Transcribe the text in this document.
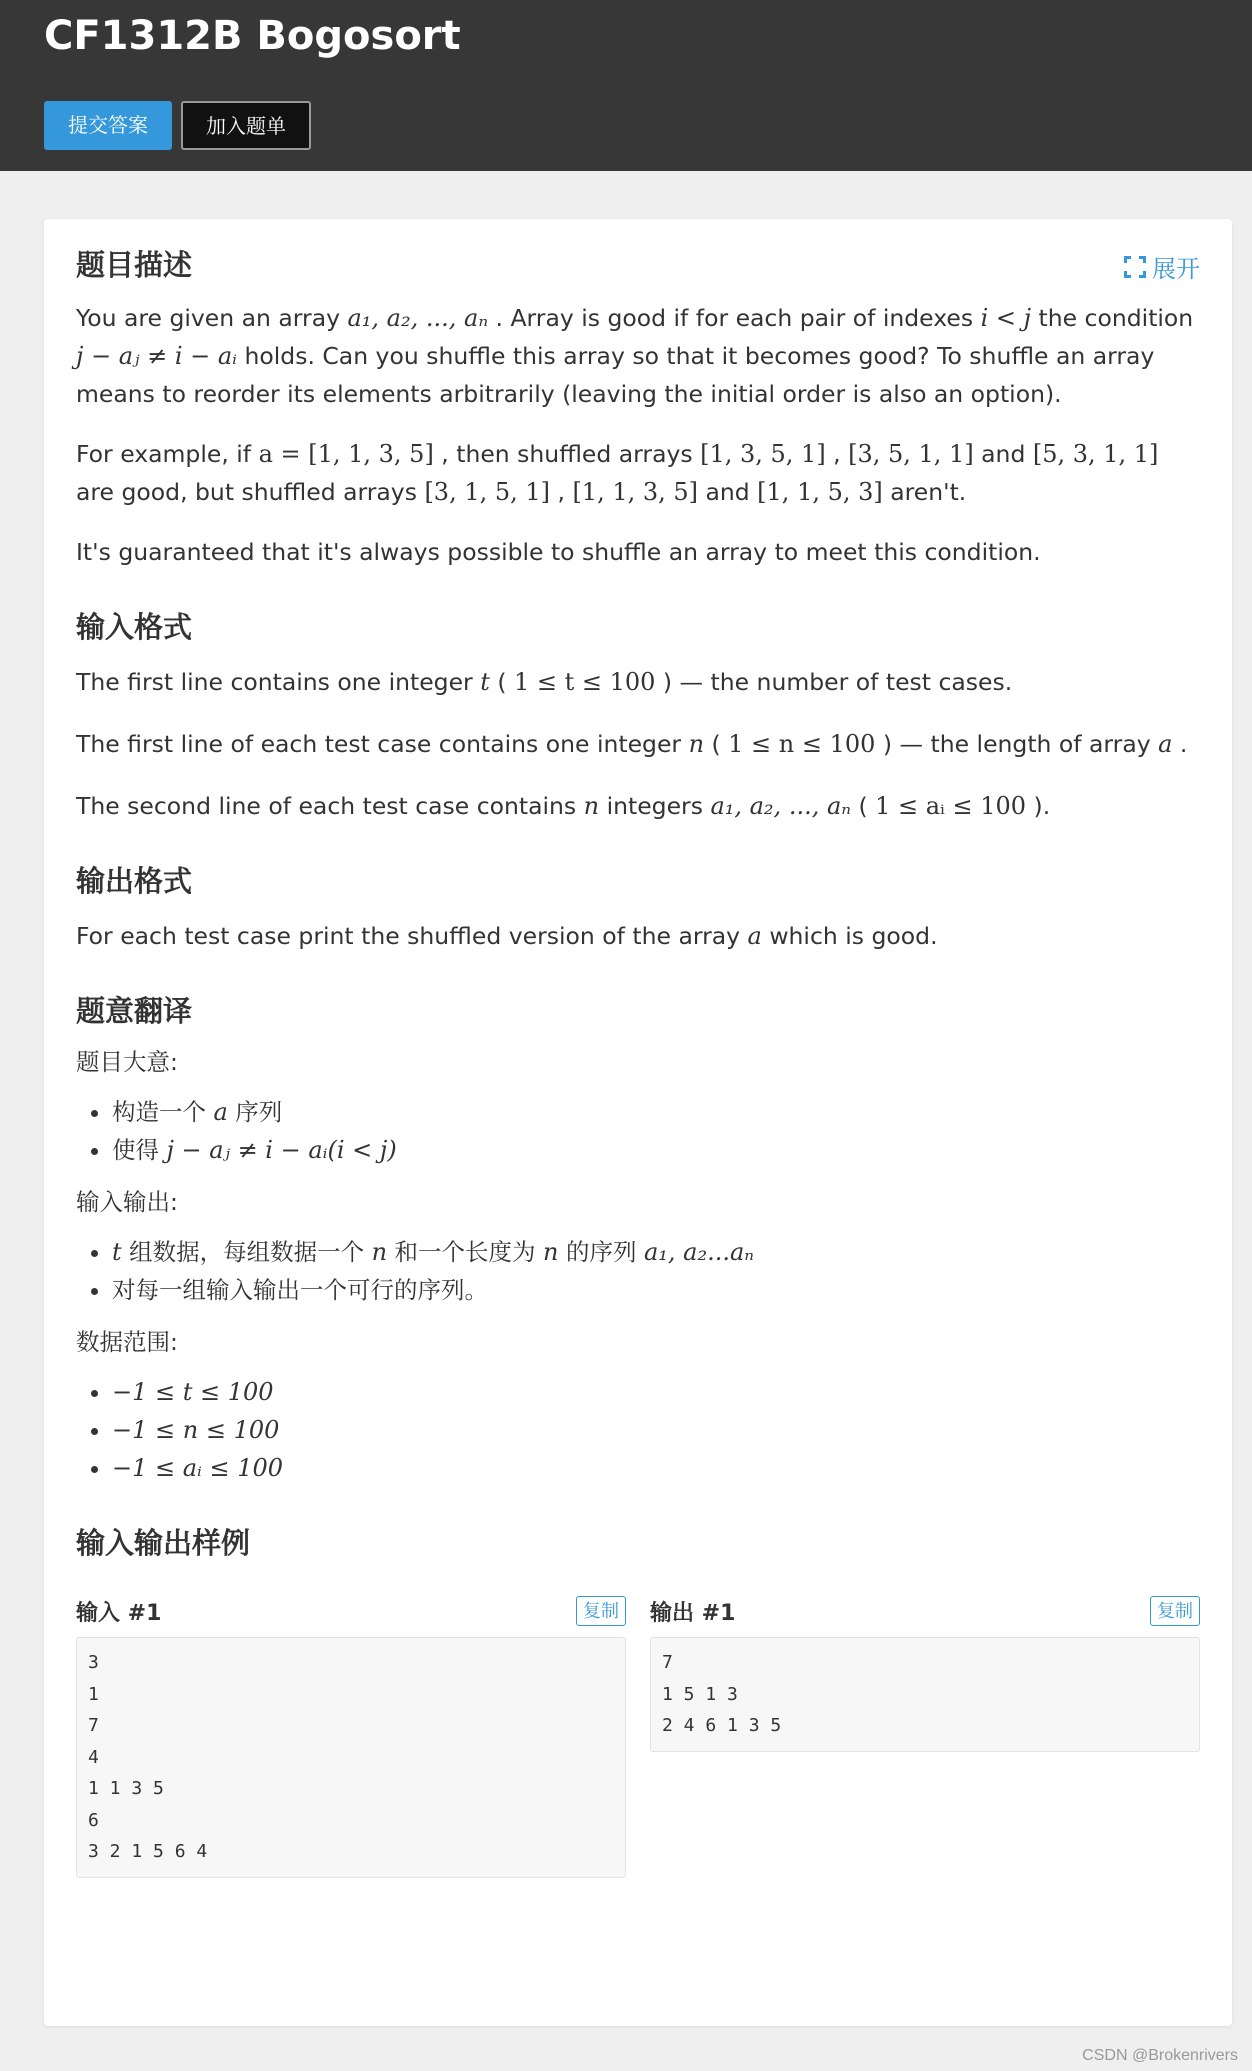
CF1312B Bogosort
提交答案	加入题单
展开
题目描述

You are given an array a₁, a₂, ..., aₙ . Array is good if for each pair of indexes i < j the condition j − aⱼ ≠ i − aᵢ holds. Can you shuffle this array so that it becomes good? To shuffle an array means to reorder its elements arbitrarily (leaving the initial order is also an option).

For example, if a = [1, 1, 3, 5] , then shuffled arrays [1, 3, 5, 1] , [3, 5, 1, 1] and [5, 3, 1, 1] are good, but shuffled arrays [3, 1, 5, 1] , [1, 1, 3, 5] and [1, 1, 5, 3] aren't.

It's guaranteed that it's always possible to shuffle an array to meet this condition.

输入格式

The first line contains one integer t ( 1 ≤ t ≤ 100 ) — the number of test cases.

The first line of each test case contains one integer n ( 1 ≤ n ≤ 100 ) — the length of array a .

The second line of each test case contains n integers a₁, a₂, ..., aₙ ( 1 ≤ aᵢ ≤ 100 ).

输出格式

For each test case print the shuffled version of the array a which is good.

题意翻译

题目大意:

• 构造一个 a 序列
• 使得 j − aⱼ ≠ i − aᵢ(i < j)

输入输出:

• t 组数据，每组数据一个 n 和一个长度为 n 的序列 a₁, a₂...aₙ
• 对每一组输入输出一个可行的序列。

数据范围:

• −1 ≤ t ≤ 100
• −1 ≤ n ≤ 100
• −1 ≤ aᵢ ≤ 100
输入输出样例
输入 #1	复制
3
1
7
4
1 1 3 5
6
3 2 1 5 6 4
输出 #1	复制
7
1 5 1 3
2 4 6 1 3 5
CSDN @Brokenrivers
